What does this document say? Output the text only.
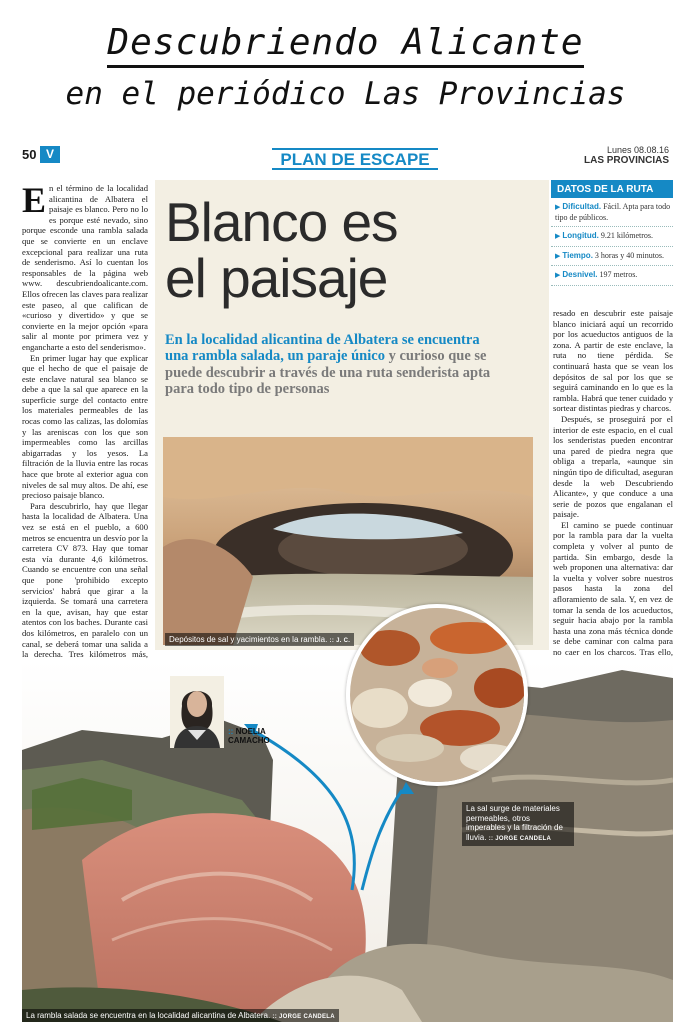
Descubriendo Alicante
en el periódico Las Provincias
50 V	PLAN DE ESCAPE	Lunes 08.08.16
LAS PROVINCIAS

En el término de la localidad alicantina de Albatera el paisaje es blanco. Pero no lo es porque esté nevado, sino porque esconde una rambla salada que se convierte en un enclave excepcional para realizar una ruta de senderismo. Así lo cuentan los responsables de la página web www. descubriendoalicante.com. Ellos ofrecen las claves para realizar este paseo, al que califican de «curioso y divertido» y que se convierte en la mejor opción «para salir al monte por primera vez y engancharte a esto del senderismo».

En primer lugar hay que explicar que el hecho de que el paisaje de este enclave natural sea blanco se debe a que la sal que aparece en la superficie surge del contacto entre los materiales permeables de las rocas como las calizas, las dolomías y las areniscas con los que son impermeables como las arcillas abigarradas y los yesos. La filtración de la lluvia entre las rocas hace que brote al exterior agua con niveles de sal muy altos. De ahí, ese precioso paisaje blanco.

Para descubrirlo, hay que llegar hasta la localidad de Albatera. Una vez se está en el pueblo, a 600 metros se encuentra un desvío por la carretera CV 873. Hay que tomar esta vía durante 4,6 kilómetros. Cuando se encuentre con una señal que pone 'prohibido excepto servicios' habrá que girar a la izquierda. Se tomará una carretera en la que, avisan, hay que estar atentos con los baches. Durante casi dos kilómetros, en paralelo con un canal, se deberá tomar una salida a la derecha. Tres kilómetros más,

Blanco es
el paisaje
En la localidad alicantina de Albatera se encuentra una rambla salada, un paraje único y curioso que se puede descubrir a través de una ruta senderista apta para todo tipo de personas
Depósitos de sal y yacimientos en la rambla. :: J. C.
DATOS DE LA RUTA
▶ Dificultad. Fácil. Apta para todo tipo de públicos.
▶ Longitud. 9.21 kilómetros.
▶ Tiempo. 3 horas y 40 minutos.
▶ Desnivel. 197 metros.

resado en descubrir este paisaje blanco iniciará aquí un recorrido por los acueductos antiguos de la zona. A partir de este enclave, la ruta no tiene pérdida. Se continuará hasta que se vean los depósitos de sal por los que se seguirá caminando en lo que es la rambla. Habrá que tener cuidado y sortear distintas piedras y charcos.

Después, se proseguirá por el interior de este espacio, en el cual los senderistas pueden encontrar una pared de piedra negra que obliga a treparla, «aunque sin ningún tipo de dificultad, aseguran desde la web Descubriendo Alicante», y que conduce a una serie de pozos que engalanan el paisaje.

El camino se puede continuar por la rambla para dar la vuelta completa y volver al punto de partida. Sin embargo, desde la web proponen una alternativa: dar la vuelta y volver sobre nuestros pasos hasta la zona del afloramiento de sala. Y, en vez de tomar la senda de los acueductos, seguir hacia abajo por la rambla hasta una zona más técnica donde se debe caminar con calma para no caer en los charcos. Tras ello,

:: NOELIA
CAMACHO
La sal surge de materiales permeables, otros imperables y la filtración de lluvia. :: JORGE CANDELA
La rambla salada se encuentra en la localidad alicantina de Albatera. :: JORGE CANDELA
